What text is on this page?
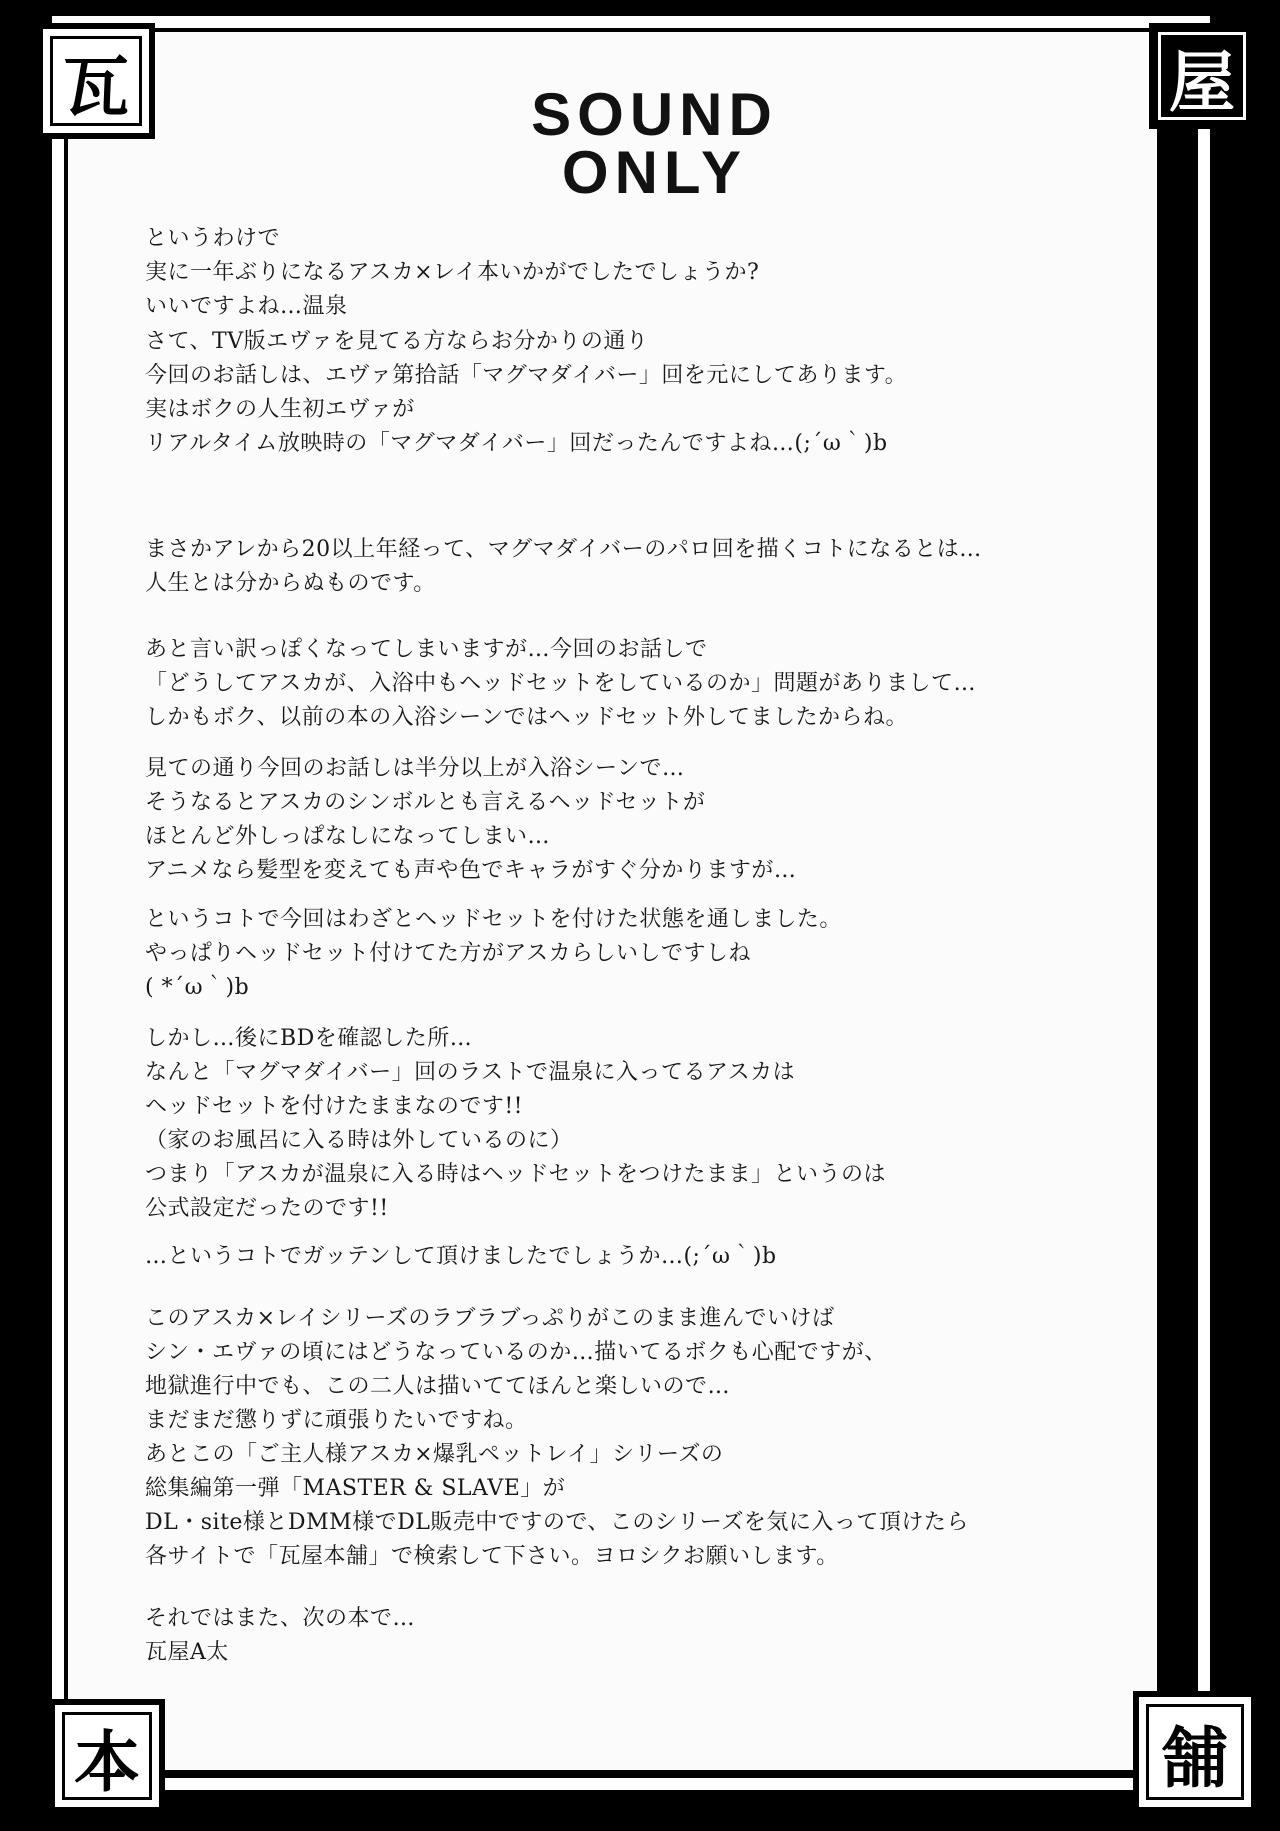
SOUND
ONLY
というわけで
実に一年ぶりになるアスカ×レイ本いかがでしたでしょうか?
いいですよね…温泉
さて、TV版エヴァを見てる方ならお分かりの通り
今回のお話しは、エヴァ第拾話「マグマダイバー」回を元にしてあります。
実はボクの人生初エヴァが
リアルタイム放映時の「マグマダイバー」回だったんですよね…(;´ω｀)b
まさかアレから20以上年経って、マグマダイバーのパロ回を描くコトになるとは…
人生とは分からぬものです。
あと言い訳っぽくなってしまいますが…今回のお話しで
「どうしてアスカが、入浴中もヘッドセットをしているのか」問題がありまして…
しかもボク、以前の本の入浴シーンではヘッドセット外してましたからね。
見ての通り今回のお話しは半分以上が入浴シーンで…
そうなるとアスカのシンボルとも言えるヘッドセットが
ほとんど外しっぱなしになってしまい…
アニメなら髪型を変えても声や色でキャラがすぐ分かりますが…
というコトで今回はわざとヘッドセットを付けた状態を通しました。
やっぱりヘッドセット付けてた方がアスカらしいしですしね
( *´ω｀)b
しかし…後にBDを確認した所…
なんと「マグマダイバー」回のラストで温泉に入ってるアスカは
ヘッドセットを付けたままなのです!!
（家のお風呂に入る時は外しているのに）
つまり「アスカが温泉に入る時はヘッドセットをつけたまま」というのは
公式設定だったのです!!
…というコトでガッテンして頂けましたでしょうか…(;´ω｀)b
このアスカ×レイシリーズのラブラブっぷりがこのまま進んでいけば
シン・エヴァの頃にはどうなっているのか…描いてるボクも心配ですが、
地獄進行中でも、この二人は描いててほんと楽しいので…
まだまだ懲りずに頑張りたいですね。
あとこの「ご主人様アスカ×爆乳ペットレイ」シリーズの
総集編第一弾「MASTER & SLAVE」が
DL・site様とDMM様でDL販売中ですので、このシリーズを気に入って頂けたら
各サイトで「瓦屋本舗」で検索して下さい。ヨロシクお願いします。
それではまた、次の本で…
瓦屋A太
瓦	屋
本	舗
